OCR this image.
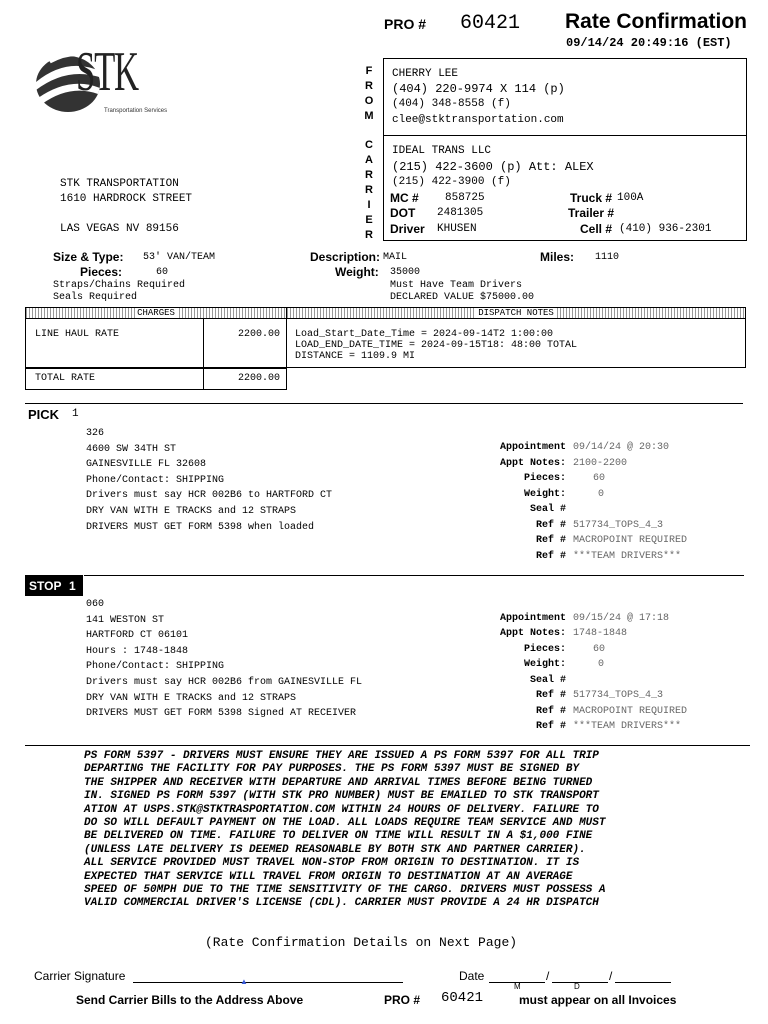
PRO # 60421 Rate Confirmation
09/14/24 20:49:16 (EST)
STK
Transportation Services
STK TRANSPORTATION
1610 HARDROCK STREET
LAS VEGAS NV 89156
F
R
O
M
C
A
R
R
I
E
R
CHERRY LEE
(404) 220-9974 X 114 (p)
(404) 348-8558 (f)
clee@stktransportation.com
IDEAL TRANS LLC
(215) 422-3600 (p) Att: ALEX
(215) 422-3900 (f)
MC # 858725
DOT 2481305
Driver KHUSEN
Truck # 100A
Trailer #
Cell # (410) 936-2301
Size & Type: 53' VAN/TEAM
Pieces:	60
Straps/Chains Required
Seals Required
Description: MAIL
Weight: 35000
Must Have Team Drivers
DECLARED VALUE $75000.00
Miles: 1110
CHARGES	DISPATCH NOTES
LINE HAUL RATE	2200.00
TOTAL RATE	2200.00
Load_Start_Date_Time = 2024-09-14T2 1:00:00
LOAD_END_DATE_TIME = 2024-09-15T18: 48:00 TOTAL
DISTANCE = 1109.9 MI
PICK 1
326
4600 SW 34TH ST
GAINESVILLE FL 32608
Phone/Contact: SHIPPING
Drivers must say HCR 002B6 to HARTFORD CT
DRY VAN WITH E TRACKS and 12 STRAPS
DRIVERS MUST GET FORM 5398 when loaded
Appointment 09/14/24 @ 20:30
Appt Notes: 2100-2200
Pieces:	60
Weight:	0
Seal #
Ref # 517734_TOPS_4_3
Ref # MACROPOINT REQUIRED
Ref # ***TEAM DRIVERS***
STOP 1
060
141 WESTON ST
HARTFORD CT 06101
Hours : 1748-1848
Phone/Contact: SHIPPING
Drivers must say HCR 002B6 from GAINESVILLE FL
DRY VAN WITH E TRACKS and 12 STRAPS
DRIVERS MUST GET FORM 5398 Signed AT RECEIVER
Appointment 09/15/24 @ 17:18
Appt Notes: 1748-1848
Pieces:	60
Weight:	0
Seal #
Ref # 517734_TOPS_4_3
Ref # MACROPOINT REQUIRED
Ref # ***TEAM DRIVERS***
PS FORM 5397 - DRIVERS MUST ENSURE THEY ARE ISSUED A PS FORM 5397 FOR ALL TRIP
DEPARTING THE FACILITY FOR PAY PURPOSES. THE PS FORM 5397 MUST BE SIGNED BY
THE SHIPPER AND RECEIVER WITH DEPARTURE AND ARRIVAL TIMES BEFORE BEING TURNED
IN. SIGNED PS FORM 5397 (WITH STK PRO NUMBER) MUST BE EMAILED TO STK TRANSPORT
ATION AT USPS.STK@STKTRASPORTATION.COM WITHIN 24 HOURS OF DELIVERY. FAILURE TO
DO SO WILL DEFAULT PAYMENT ON THE LOAD. ALL LOADS REQUIRE TEAM SERVICE AND MUST
BE DELIVERED ON TIME. FAILURE TO DELIVER ON TIME WILL RESULT IN A $1,000 FINE
(UNLESS LATE DELIVERY IS DEEMED REASONABLE BY BOTH STK AND PARTNER CARRIER).
ALL SERVICE PROVIDED MUST TRAVEL NON-STOP FROM ORIGIN TO DESTINATION. IT IS
EXPECTED THAT SERVICE WILL TRAVEL FROM ORIGIN TO DESTINATION AT AN AVERAGE
SPEED OF 50MPH DUE TO THE TIME SENSITIVITY OF THE CARGO. DRIVERS MUST POSSESS A
VALID COMMERCIAL DRIVER'S LICENSE (CDL). CARRIER MUST PROVIDE A 24 HR DISPATCH
(Rate Confirmation Details on Next Page)
Carrier Signature	▲	Date	/	/
M	D
Send Carrier Bills to the Address Above	PRO # 60421	must appear on all Invoices
